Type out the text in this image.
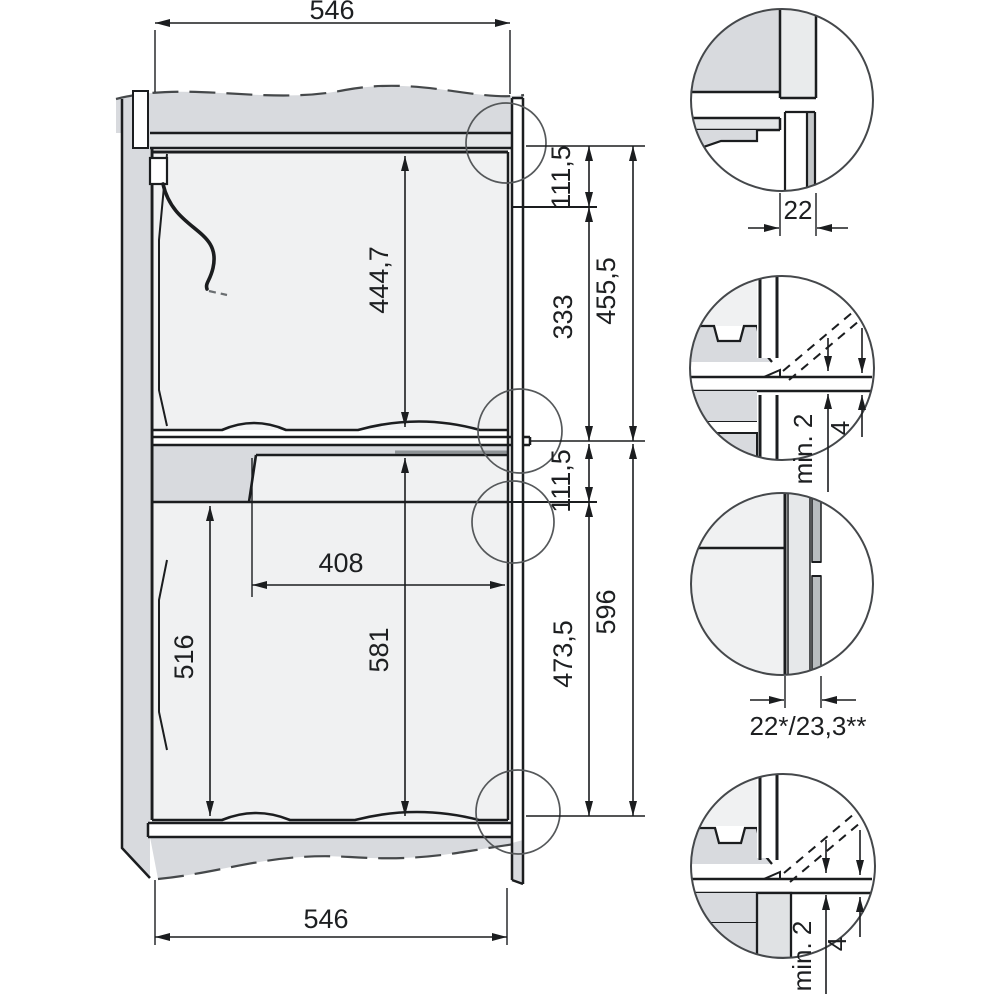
546
546
444,7
408
516	581
111,5
333 455,5
111,5
473,5
596
22
4
min. 2
22*/23,3**
4
min. 2
